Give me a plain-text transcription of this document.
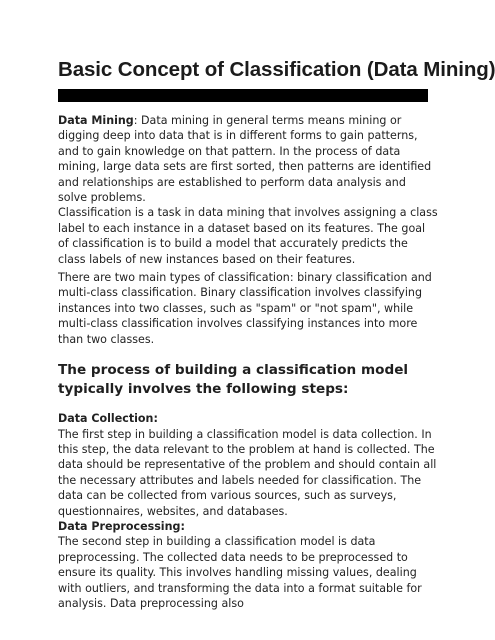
Basic Concept of Classification (Data Mining)

Data Mining: Data mining in general terms means mining or digging deep into data that is in different forms to gain patterns, and to gain knowledge on that pattern. In the process of data mining, large data sets are first sorted, then patterns are identified and relationships are established to perform data analysis and solve problems.

Classification is a task in data mining that involves assigning a class label to each instance in a dataset based on its features. The goal of classification is to build a model that accurately predicts the class labels of new instances based on their features.

There are two main types of classification: binary classification and multi-class classification. Binary classification involves classifying instances into two classes, such as "spam" or "not spam", while multi-class classification involves classifying instances into more than two classes.

The process of building a classification model typically involves the following steps:
Data Collection:

The first step in building a classification model is data collection. In this step, the data relevant to the problem at hand is collected. The data should be representative of the problem and should contain all the necessary attributes and labels needed for classification. The data can be collected from various sources, such as surveys, questionnaires, websites, and databases.

Data Preprocessing:

The second step in building a classification model is data preprocessing. The collected data needs to be preprocessed to ensure its quality. This involves handling missing values, dealing with outliers, and transforming the data into a format suitable for analysis. Data preprocessing also
